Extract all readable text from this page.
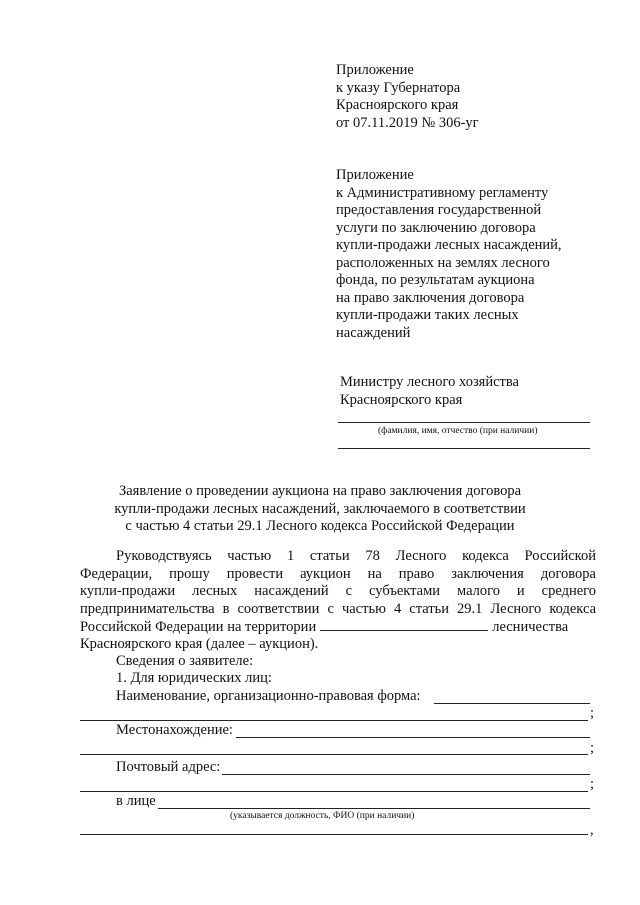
Приложение
к указу Губернатора
Красноярского края
от 07.11.2019 № 306-уг
Приложение
к Административному регламенту
предоставления государственной
услуги по заключению договора
купли-продажи лесных насаждений,
расположенных на землях лесного
фонда, по результатам аукциона
на право заключения договора
купли-продажи таких лесных
насаждений
Министру лесного хозяйства
Красноярского края
(фамилия, имя, отчество (при наличии)
Заявление о проведении аукциона на право заключения договора
купли-продажи лесных насаждений, заключаемого в соответствии
с частью 4 статьи 29.1 Лесного кодекса Российской Федерации
Руководствуясь частью 1 статьи 78 Лесного кодекса Российской
Федерации, прошу провести аукцион на право заключения договора
купли-продажи лесных насаждений с субъектами малого и среднего
предпринимательства в соответствии с частью 4 статьи 29.1 Лесного кодекса
Российской Федерации на территории	лесничества
Красноярского края (далее – аукцион).
Сведения о заявителе:
1. Для юридических лиц:
Наименование, организационно-правовая форма:
;
Местонахождение:
;
Почтовый адрес:
;
в лице
(указывается должность, ФИО (при наличии)
,
